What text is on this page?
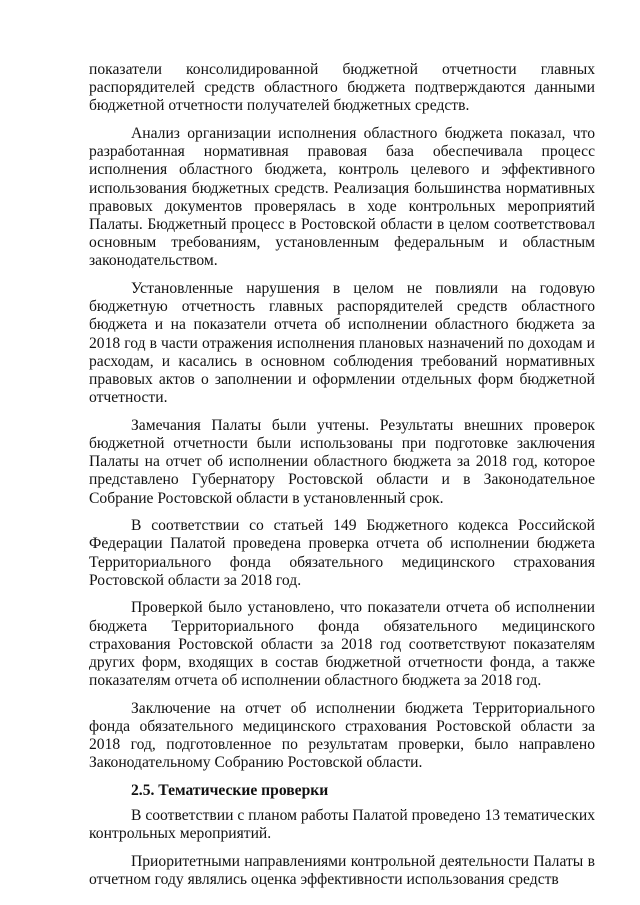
показатели консолидированной бюджетной отчетности главных распорядителей средств областного бюджета подтверждаются данными бюджетной отчетности получателей бюджетных средств.

Анализ организации исполнения областного бюджета показал, что разработанная нормативная правовая база обеспечивала процесс исполнения областного бюджета, контроль целевого и эффективного использования бюджетных средств. Реализация большинства нормативных правовых документов проверялась в ходе контрольных мероприятий Палаты. Бюджетный процесс в Ростовской области в целом соответствовал основным требованиям, установленным федеральным и областным законодательством.

Установленные нарушения в целом не повлияли на годовую бюджетную отчетность главных распорядителей средств областного бюджета и на показатели отчета об исполнении областного бюджета за 2018 год в части отражения исполнения плановых назначений по доходам и расходам, и касались в основном соблюдения требований нормативных правовых актов о заполнении и оформлении отдельных форм бюджетной отчетности.

Замечания Палаты были учтены. Результаты внешних проверок бюджетной отчетности были использованы при подготовке заключения Палаты на отчет об исполнении областного бюджета за 2018 год, которое представлено Губернатору Ростовской области и в Законодательное Собрание Ростовской области в установленный срок.

В соответствии со статьей 149 Бюджетного кодекса Российской Федерации Палатой проведена проверка отчета об исполнении бюджета Территориального фонда обязательного медицинского страхования Ростовской области за 2018 год.

Проверкой было установлено, что показатели отчета об исполнении бюджета Территориального фонда обязательного медицинского страхования Ростовской области за 2018 год соответствуют показателям других форм, входящих в состав бюджетной отчетности фонда, а также показателям отчета об исполнении областного бюджета за 2018 год.

Заключение на отчет об исполнении бюджета Территориального фонда обязательного медицинского страхования Ростовской области за 2018 год, подготовленное по результатам проверки, было направлено Законодательному Собранию Ростовской области.

2.5. Тематические проверки

В соответствии с планом работы Палатой проведено 13 тематических контрольных мероприятий.

Приоритетными направлениями контрольной деятельности Палаты в отчетном году являлись оценка эффективности использования средств
